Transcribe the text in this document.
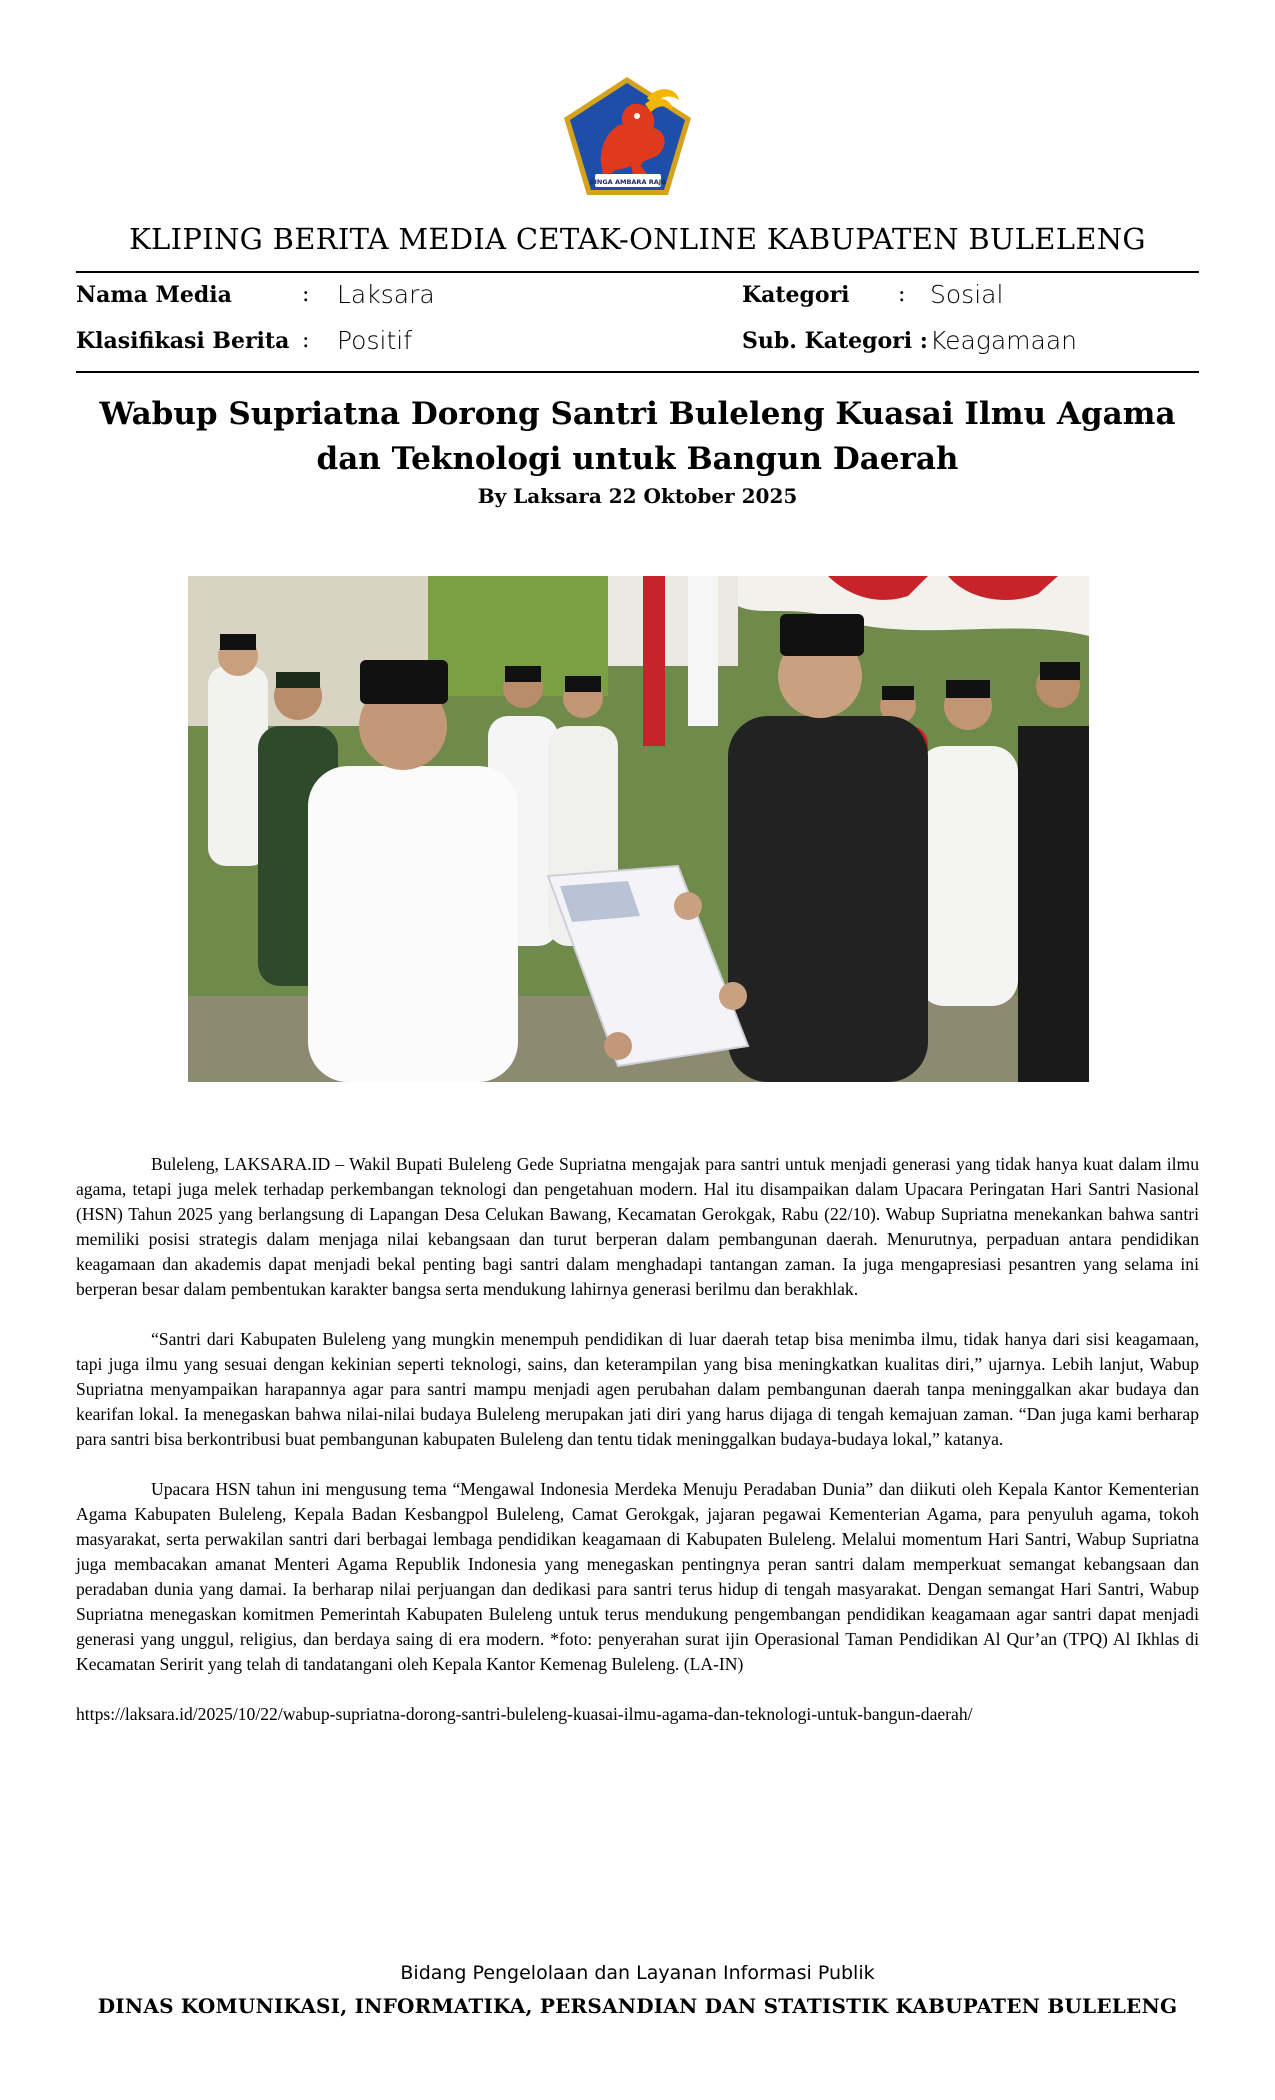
SINGA AMBARA RAJA
KLIPING BERITA MEDIA CETAK-ONLINE KABUPATEN BULELENG
Nama Media	: Laksara	Kategori : Sosial
Klasifikasi Berita : Positif	Sub. Kategori : Keagamaan
Wabup Supriatna Dorong Santri Buleleng Kuasai Ilmu Agama dan Teknologi untuk Bangun Daerah
By Laksara 22 Oktober 2025

Buleleng, LAKSARA.ID – Wakil Bupati Buleleng Gede Supriatna mengajak para santri untuk menjadi generasi yang tidak hanya kuat dalam ilmu agama, tetapi juga melek terhadap perkembangan teknologi dan pengetahuan modern. Hal itu disampaikan dalam Upacara Peringatan Hari Santri Nasional (HSN) Tahun 2025 yang berlangsung di Lapangan Desa Celukan Bawang, Kecamatan Gerokgak, Rabu (22/10). Wabup Supriatna menekankan bahwa santri memiliki posisi strategis dalam menjaga nilai kebangsaan dan turut berperan dalam pembangunan daerah. Menurutnya, perpaduan antara pendidikan keagamaan dan akademis dapat menjadi bekal penting bagi santri dalam menghadapi tantangan zaman. Ia juga mengapresiasi pesantren yang selama ini berperan besar dalam pembentukan karakter bangsa serta mendukung lahirnya generasi berilmu dan berakhlak.

“Santri dari Kabupaten Buleleng yang mungkin menempuh pendidikan di luar daerah tetap bisa menimba ilmu, tidak hanya dari sisi keagamaan, tapi juga ilmu yang sesuai dengan kekinian seperti teknologi, sains, dan keterampilan yang bisa meningkatkan kualitas diri,” ujarnya. Lebih lanjut, Wabup Supriatna menyampaikan harapannya agar para santri mampu menjadi agen perubahan dalam pembangunan daerah tanpa meninggalkan akar budaya dan kearifan lokal. Ia menegaskan bahwa nilai-nilai budaya Buleleng merupakan jati diri yang harus dijaga di tengah kemajuan zaman. “Dan juga kami berharap para santri bisa berkontribusi buat pembangunan kabupaten Buleleng dan tentu tidak meninggalkan budaya-budaya lokal,” katanya.

Upacara HSN tahun ini mengusung tema “Mengawal Indonesia Merdeka Menuju Peradaban Dunia” dan diikuti oleh Kepala Kantor Kementerian Agama Kabupaten Buleleng, Kepala Badan Kesbangpol Buleleng, Camat Gerokgak, jajaran pegawai Kementerian Agama, para penyuluh agama, tokoh masyarakat, serta perwakilan santri dari berbagai lembaga pendidikan keagamaan di Kabupaten Buleleng. Melalui momentum Hari Santri, Wabup Supriatna juga membacakan amanat Menteri Agama Republik Indonesia yang menegaskan pentingnya peran santri dalam memperkuat semangat kebangsaan dan peradaban dunia yang damai. Ia berharap nilai perjuangan dan dedikasi para santri terus hidup di tengah masyarakat. Dengan semangat Hari Santri, Wabup Supriatna menegaskan komitmen Pemerintah Kabupaten Buleleng untuk terus mendukung pengembangan pendidikan keagamaan agar santri dapat menjadi generasi yang unggul, religius, dan berdaya saing di era modern. *foto: penyerahan surat ijin Operasional Taman Pendidikan Al Qur’an (TPQ) Al Ikhlas di Kecamatan Seririt yang telah di tandatangani oleh Kepala Kantor Kemenag Buleleng. (LA-IN)

https://laksara.id/2025/10/22/wabup-supriatna-dorong-santri-buleleng-kuasai-ilmu-agama-dan-teknologi-untuk-bangun-daerah/

Bidang Pengelolaan dan Layanan Informasi Publik
DINAS KOMUNIKASI, INFORMATIKA, PERSANDIAN DAN STATISTIK KABUPATEN BULELENG
